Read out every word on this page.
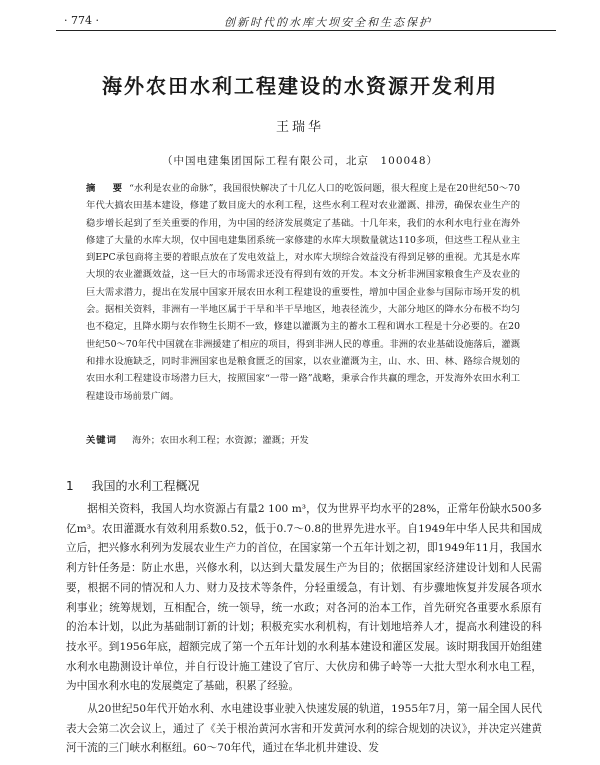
· 774 ·	创新时代的水库大坝安全和生态保护
海外农田水利工程建设的水资源开发利用
王瑞华
（中国电建集团国际工程有限公司，北京　100048）
摘　要 “水利是农业的命脉”，我国很快解决了十几亿人口的吃饭问题，很大程度上是在20世纪50～70年代大搞农田基本建设，修建了数目庞大的水利工程，这些水利工程对农业灌溉、排涝，确保农业生产的稳步增长起到了至关重要的作用，为中国的经济发展奠定了基础。十几年来，我们的水利水电行业在海外修建了大量的水库大坝，仅中国电建集团系统一家修建的水库大坝数量就达110多项，但这些工程从业主到EPC承包商将主要的着眼点放在了发电效益上，对水库大坝综合效益没有得到足够的重视。尤其是水库大坝的农业灌溉效益，这一巨大的市场需求还没有得到有效的开发。本文分析非洲国家粮食生产及农业的巨大需求潜力，提出在发展中国家开展农田水利工程建设的重要性，增加中国企业参与国际市场开发的机会。据相关资料，非洲有一半地区属于干旱和半干旱地区，地表径流少，大部分地区的降水分布极不均匀也不稳定，且降水期与农作物生长期不一致，修建以灌溉为主的蓄水工程和调水工程是十分必要的。在20世纪50～70年代中国就在非洲援建了相应的项目，得到非洲人民的尊重。非洲的农业基础设施落后，灌溉和排水设施缺乏，同时非洲国家也是粮食匮乏的国家，以农业灌溉为主，山、水、田、林、路综合规划的农田水利工程建设市场潜力巨大，按照国家“一带一路”战略，秉承合作共赢的理念，开发海外农田水利工程建设市场前景广阔。
关键词 　 海外；农田水利工程；水资源；灌溉；开发
1 我国的水利工程概况

据相关资料，我国人均水资源占有量2 100 m³，仅为世界平均水平的28%，正常年份缺水500多亿m³。农田灌溉水有效利用系数0.52，低于0.7～0.8的世界先进水平。自1949年中华人民共和国成立后，把兴修水利列为发展农业生产力的首位，在国家第一个五年计划之初，即1949年11月，我国水利方针任务是：防止水患，兴修水利，以达到大量发展生产为目的；依据国家经济建设计划和人民需要，根据不同的情况和人力、财力及技术等条件，分轻重缓急，有计划、有步骤地恢复并发展各项水利事业；统筹规划，互相配合，统一领导，统一水政；对各河的治本工作，首先研究各重要水系原有的治本计划，以此为基础制订新的计划；积极充实水利机构，有计划地培养人才，提高水利建设的科技水平。到1956年底，超额完成了第一个五年计划的水利基本建设和灌区发展。该时期我国开始组建水利水电勘测设计单位，并自行设计施工建设了官厅、大伙房和佛子岭等一大批大型水利水电工程，为中国水利水电的发展奠定了基础，积累了经验。

从20世纪50年代开始水利、水电建设事业驶入快速发展的轨道，1955年7月，第一届全国人民代表大会第二次会议上，通过了《关于根治黄河水害和开发黄河水利的综合规划的决议》，并决定兴建黄河干流的三门峡水利枢纽。60～70年代，通过在华北机井建设、发
